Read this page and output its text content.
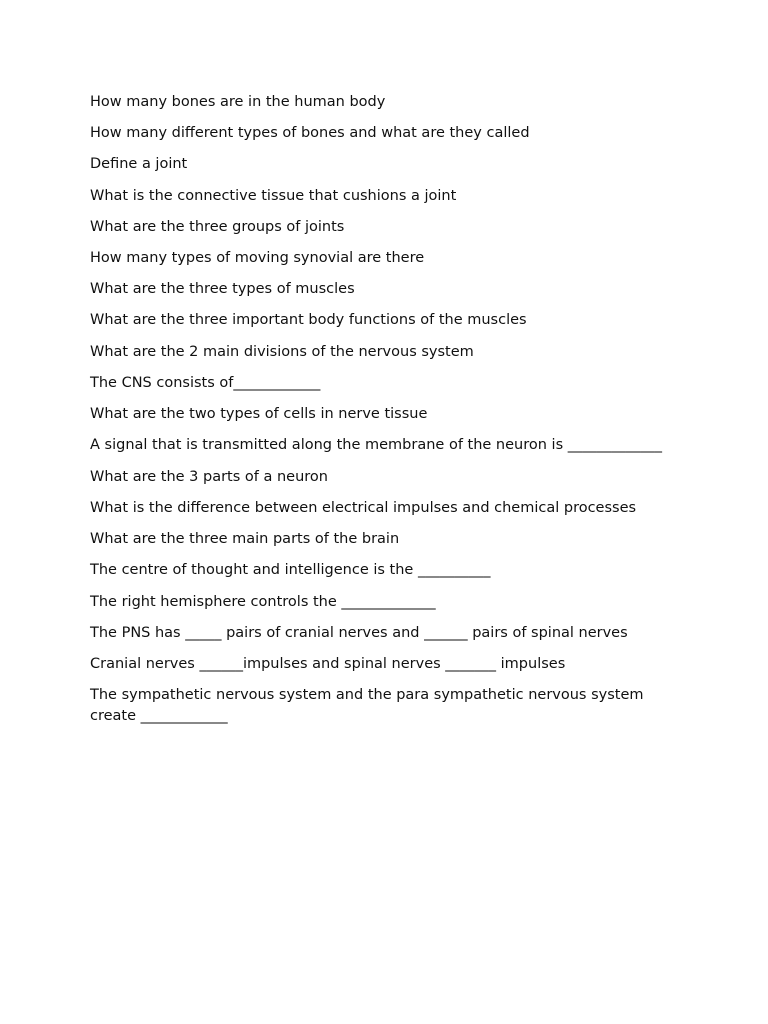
How many bones are in the human body

How many different types of bones and what are they called

Define a joint

What is the connective tissue that cushions a joint

What are the three groups of joints

How many types of moving synovial are there

What are the three types of muscles

What are the three important body functions of the muscles

What are the 2 main divisions of the nervous system

The CNS consists of____________

What are the two types of cells in nerve tissue

A signal that is transmitted along the membrane of the neuron is _____________

What are the 3 parts of a neuron

What is the difference between electrical impulses and chemical processes

What are the three main parts of the brain

The centre of thought and intelligence is the __________

The right hemisphere controls the _____________

The PNS has _____ pairs of cranial nerves and ______ pairs of spinal nerves

Cranial nerves ______impulses and spinal nerves _______ impulses

The sympathetic nervous system and the para sympathetic nervous system create ____________
